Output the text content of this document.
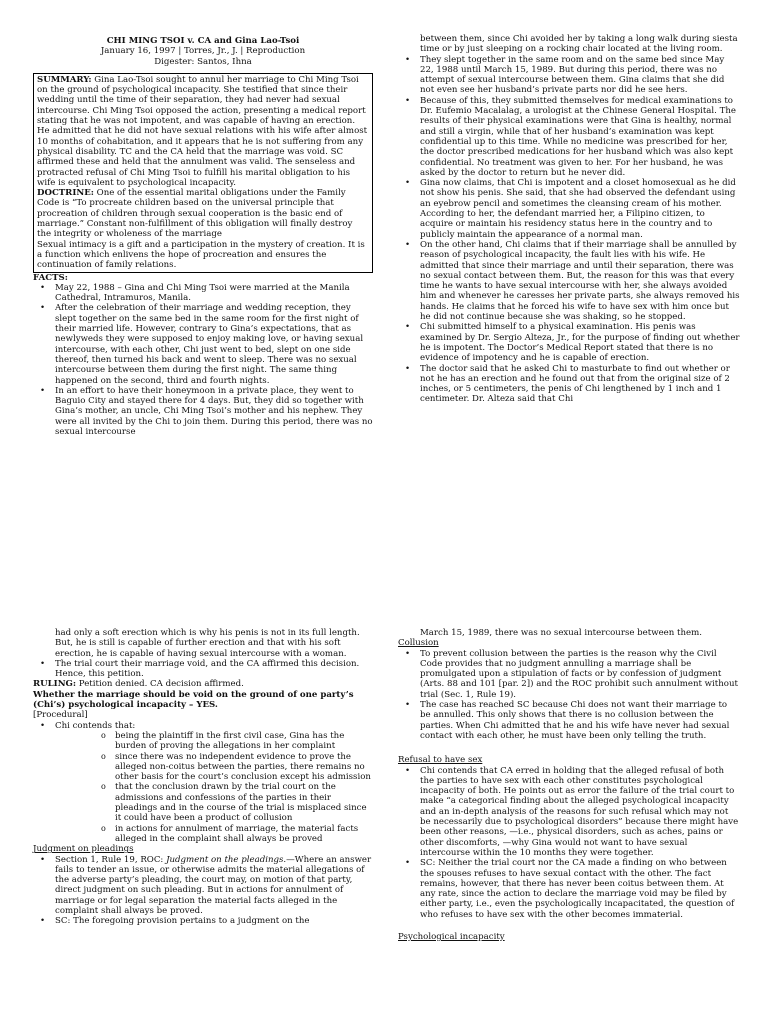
CHI MING TSOI v. CA and Gina Lao-Tsoi

January 16, 1997 | Torres, Jr., J. | Reproduction

Digester: Santos, Ihna

SUMMARY: Gina Lao-Tsoi sought to annul her marriage to Chi Ming Tsoi on the ground of psychological incapacity. She testified that since their wedding until the time of their separation, they had never had sexual intercourse. Chi Ming Tsoi opposed the action, presenting a medical report stating that he was not impotent, and was capable of having an erection. He admitted that he did not have sexual relations with his wife after almost 10 months of cohabitation, and it appears that he is not suffering from any physical disability. TC and the CA held that the marriage was void. SC affirmed these and held that the annulment was valid. The senseless and protracted refusal of Chi Ming Tsoi to fulfill his marital obligation to his wife is equivalent to psychological incapacity.

DOCTRINE: One of the essential marital obligations under the Family Code is “To procreate children based on the universal principle that procreation of children through sexual cooperation is the basic end of marriage.” Constant non-fulfillment of this obligation will finally destroy the integrity or wholeness of the marriage

Sexual intimacy is a gift and a participation in the mystery of creation. It is a function which enlivens the hope of procreation and ensures the continuation of family relations.

FACTS:

• May 22, 1988 – Gina and Chi Ming Tsoi were married at the Manila Cathedral, Intramuros, Manila.
• After the celebration of their marriage and wedding reception, they slept together on the same bed in the same room for the first night of their married life. However, contrary to Gina’s expectations, that as newlyweds they were supposed to enjoy making love, or having sexual intercourse, with each other, Chi just went to bed, slept on one side thereof, then turned his back and went to sleep. There was no sexual intercourse between them during the first night. The same thing happened on the second, third and fourth nights.
• In an effort to have their honeymoon in a private place, they went to Baguio City and stayed there for 4 days. But, they did so together with Gina’s mother, an uncle, Chi Ming Tsoi’s mother and his nephew. They were all invited by the Chi to join them. During this period, there was no sexual intercourse

between them, since Chi avoided her by taking a long walk during siesta time or by just sleeping on a rocking chair located at the living room.

• They slept together in the same room and on the same bed since May 22, 1988 until March 15, 1989. But during this period, there was no attempt of sexual intercourse between them. Gina claims that she did not even see her husband’s private parts nor did he see hers.
• Because of this, they submitted themselves for medical examinations to Dr. Eufemio Macalalag, a urologist at the Chinese General Hospital. The results of their physical examinations were that Gina is healthy, normal and still a virgin, while that of her husband’s examination was kept confidential up to this time. While no medicine was prescribed for her, the doctor prescribed medications for her husband which was also kept confidential. No treatment was given to her. For her husband, he was asked by the doctor to return but he never did.
• Gina now claims, that Chi is impotent and a closet homosexual as he did not show his penis. She said, that she had observed the defendant using an eyebrow pencil and sometimes the cleansing cream of his mother. According to her, the defendant married her, a Filipino citizen, to acquire or maintain his residency status here in the country and to publicly maintain the appearance of a normal man.
• On the other hand, Chi claims that if their marriage shall be annulled by reason of psychological incapacity, the fault lies with his wife. He admitted that since their marriage and until their separation, there was no sexual contact between them. But, the reason for this was that every time he wants to have sexual intercourse with her, she always avoided him and whenever he caresses her private parts, she always removed his hands. He claims that he forced his wife to have sex with him once but he did not continue because she was shaking, so he stopped.
• Chi submitted himself to a physical examination. His penis was examined by Dr. Sergio Alteza, Jr., for the purpose of finding out whether he is impotent. The Doctor’s Medical Report stated that there is no evidence of impotency and he is capable of erection.
• The doctor said that he asked Chi to masturbate to find out whether or not he has an erection and he found out that from the original size of 2 inches, or 5 centimeters, the penis of Chi lengthened by 1 inch and 1 centimeter. Dr. Alteza said that Chi

had only a soft erection which is why his penis is not in its full length. But, he is still is capable of further erection and that with his soft erection, he is capable of having sexual intercourse with a woman.

• The trial court their marriage void, and the CA affirmed this decision. Hence, this petition.

RULING: Petition denied. CA decision affirmed.

Whether the marriage should be void on the ground of one party’s (Chi’s) psychological incapacity – YES.

[Procedural]

• Chi contends that:
o being the plaintiff in the first civil case, Gina has the burden of proving the allegations in her complaint
o since there was no independent evidence to prove the alleged non-coitus between the parties, there remains no other basis for the court’s conclusion except his admission
o that the conclusion drawn by the trial court on the admissions and confessions of the parties in their pleadings and in the course of the trial is misplaced since it could have been a product of collusion
o in actions for annulment of marriage, the material facts alleged in the complaint shall always be proved

Judgment on pleadings

• Section 1, Rule 19, ROC: Judgment on the pleadings.—Where an answer fails to tender an issue, or otherwise admits the material allegations of the adverse party’s pleading, the court may, on motion of that party, direct judgment on such pleading. But in actions for annulment of marriage or for legal separation the material facts alleged in the complaint shall always be proved.
• SC: The foregoing provision pertains to a judgment on the

March 15, 1989, there was no sexual intercourse between them.

Collusion

• To prevent collusion between the parties is the reason why the Civil Code provides that no judgment annulling a marriage shall be promulgated upon a stipulation of facts or by confession of judgment (Arts. 88 and 101 [par. 2]) and the ROC prohibit such annulment without trial (Sec. 1, Rule 19).
• The case has reached SC because Chi does not want their marriage to be annulled. This only shows that there is no collusion between the parties. When Chi admitted that he and his wife have never had sexual contact with each other, he must have been only telling the truth.

Refusal to have sex

• Chi contends that CA erred in holding that the alleged refusal of both the parties to have sex with each other constitutes psychological incapacity of both. He points out as error the failure of the trial court to make “a categorical finding about the alleged psychological incapacity and an in-depth analysis of the reasons for such refusal which may not be necessarily due to psychological disorders” because there might have been other reasons, —i.e., physical disorders, such as aches, pains or other discomforts, —why Gina would not want to have sexual intercourse within the 10 months they were together.
• SC: Neither the trial court nor the CA made a finding on who between the spouses refuses to have sexual contact with the other. The fact remains, however, that there has never been coitus between them. At any rate, since the action to declare the marriage void may be filed by either party, i.e., even the psychologically incapacitated, the question of who refuses to have sex with the other becomes immaterial.

Psychological incapacity
